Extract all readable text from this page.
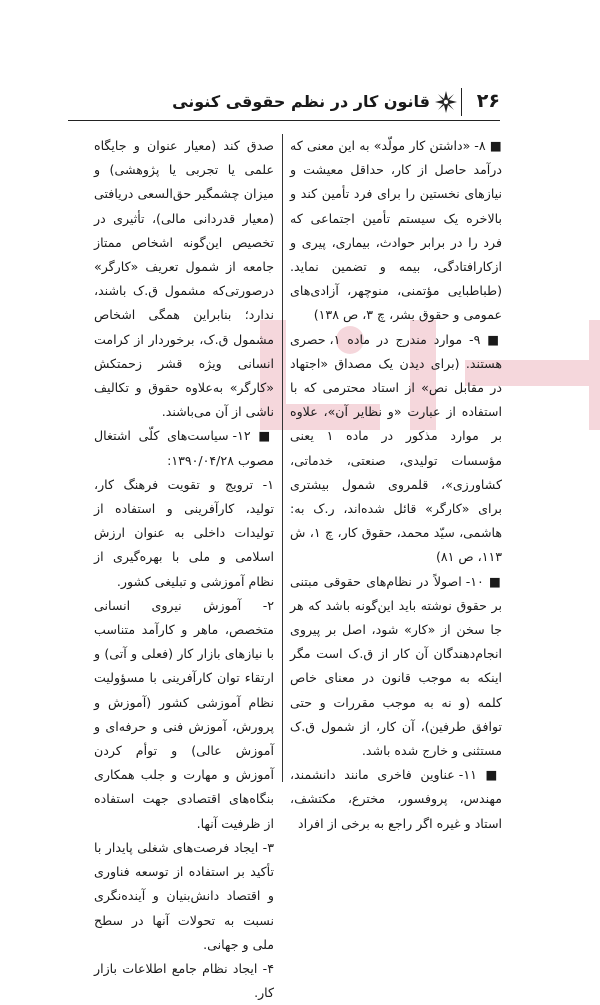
۲۶
قانون کار در نظم حقوقی کنونی

■ ۸- «داشتن کار مولّد» به این معنی که درآمد حاصل از کار، حداقل معیشت و نیازهای نخستین را برای فرد تأمین کند و بالاخره یک سیستم تأمین اجتماعی که فرد را در برابر حوادث، بیماری، پیری و ازکارافتادگی، بیمه و تضمین نماید. (طباطبایی مؤتمنی، منوچهر، آزادی‌های عمومی و حقوق بشر، چ ۳، ص ۱۳۸)

■ ۹- موارد مندرج در ماده ۱، حصری هستند. (برای دیدن یک مصداق «اجتهاد در مقابل نص» از استاد محترمی که با استفاده از عبارت «و نظایر آن»، علاوه بر موارد مذکور در ماده ۱ یعنی مؤسسات تولیدی، صنعتی، خدماتی، کشاورزی»، قلمروی شمول بیشتری برای «کارگر» قائل شده‌اند، ر.ک به: هاشمی، سیّد محمد، حقوق کار، چ ۱، ش ۱۱۳، ص ۸۱)

■ ۱۰- اصولاً در نظام‌های حقوقی مبتنی بر حقوق نوشته باید این‌گونه باشد که هر جا سخن از «کار» شود، اصل بر پیروی انجام‌دهندگان آن کار از ق.ک است مگر اینکه به موجب قانون در معنای خاص کلمه (و نه به موجب مقررات و حتی توافق طرفین)، آن کار، از شمول ق.ک مستثنی و خارج شده باشد.

■ ۱۱- عناوین فاخری مانند دانشمند، مهندس، پروفسور، مخترع، مکتشف، استاد و غیره اگر راجع به برخی از افراد

صدق کند (معیار عنوان و جایگاه علمی یا تجربی یا پژوهشی) و میزان چشمگیر حق‌السعی دریافتی (معیار قدردانی مالی)، تأثیری در تخصیص این‌گونه اشخاص ممتاز جامعه از شمول تعریف «کارگر» درصورتی‌که مشمول ق.ک باشند، ندارد؛ بنابراین همگی اشخاص مشمول ق.ک، برخوردار از کرامت انسانی ویژه قشر زحمتکش «کارگر» به‌علاوه حقوق و تکالیف ناشی از آن می‌باشند.

■ ۱۲- سیاست‌های کلّی اشتغال مصوب ۱۳۹۰/۰۴/۲۸:

۱- ترویج و تقویت فرهنگ کار، تولید، کارآفرینی و استفاده از تولیدات داخلی به عنوان ارزش اسلامی و ملی با بهره‌گیری از نظام آموزشی و تبلیغی کشور.

۲- آموزش نیروی انسانی متخصص، ماهر و کارآمد متناسب با نیازهای بازار کار (فعلی و آتی) و ارتقاء توان کارآفرینی با مسؤولیت نظام آموزشی کشور (آموزش و پرورش، آموزش فنی و حرفه‌ای و آموزش عالی) و توأم کردن آموزش و مهارت و جلب همکاری بنگاه‌های اقتصادی جهت استفاده از ظرفیت آنها.

۳- ایجاد فرصت‌های شغلی پایدار با تأکید بر استفاده از توسعه فناوری و اقتصاد دانش‌بنیان و آینده‌نگری نسبت به تحولات آنها در سطح ملی و جهانی.

۴- ایجاد نظام جامع اطلاعات بازار کار.
